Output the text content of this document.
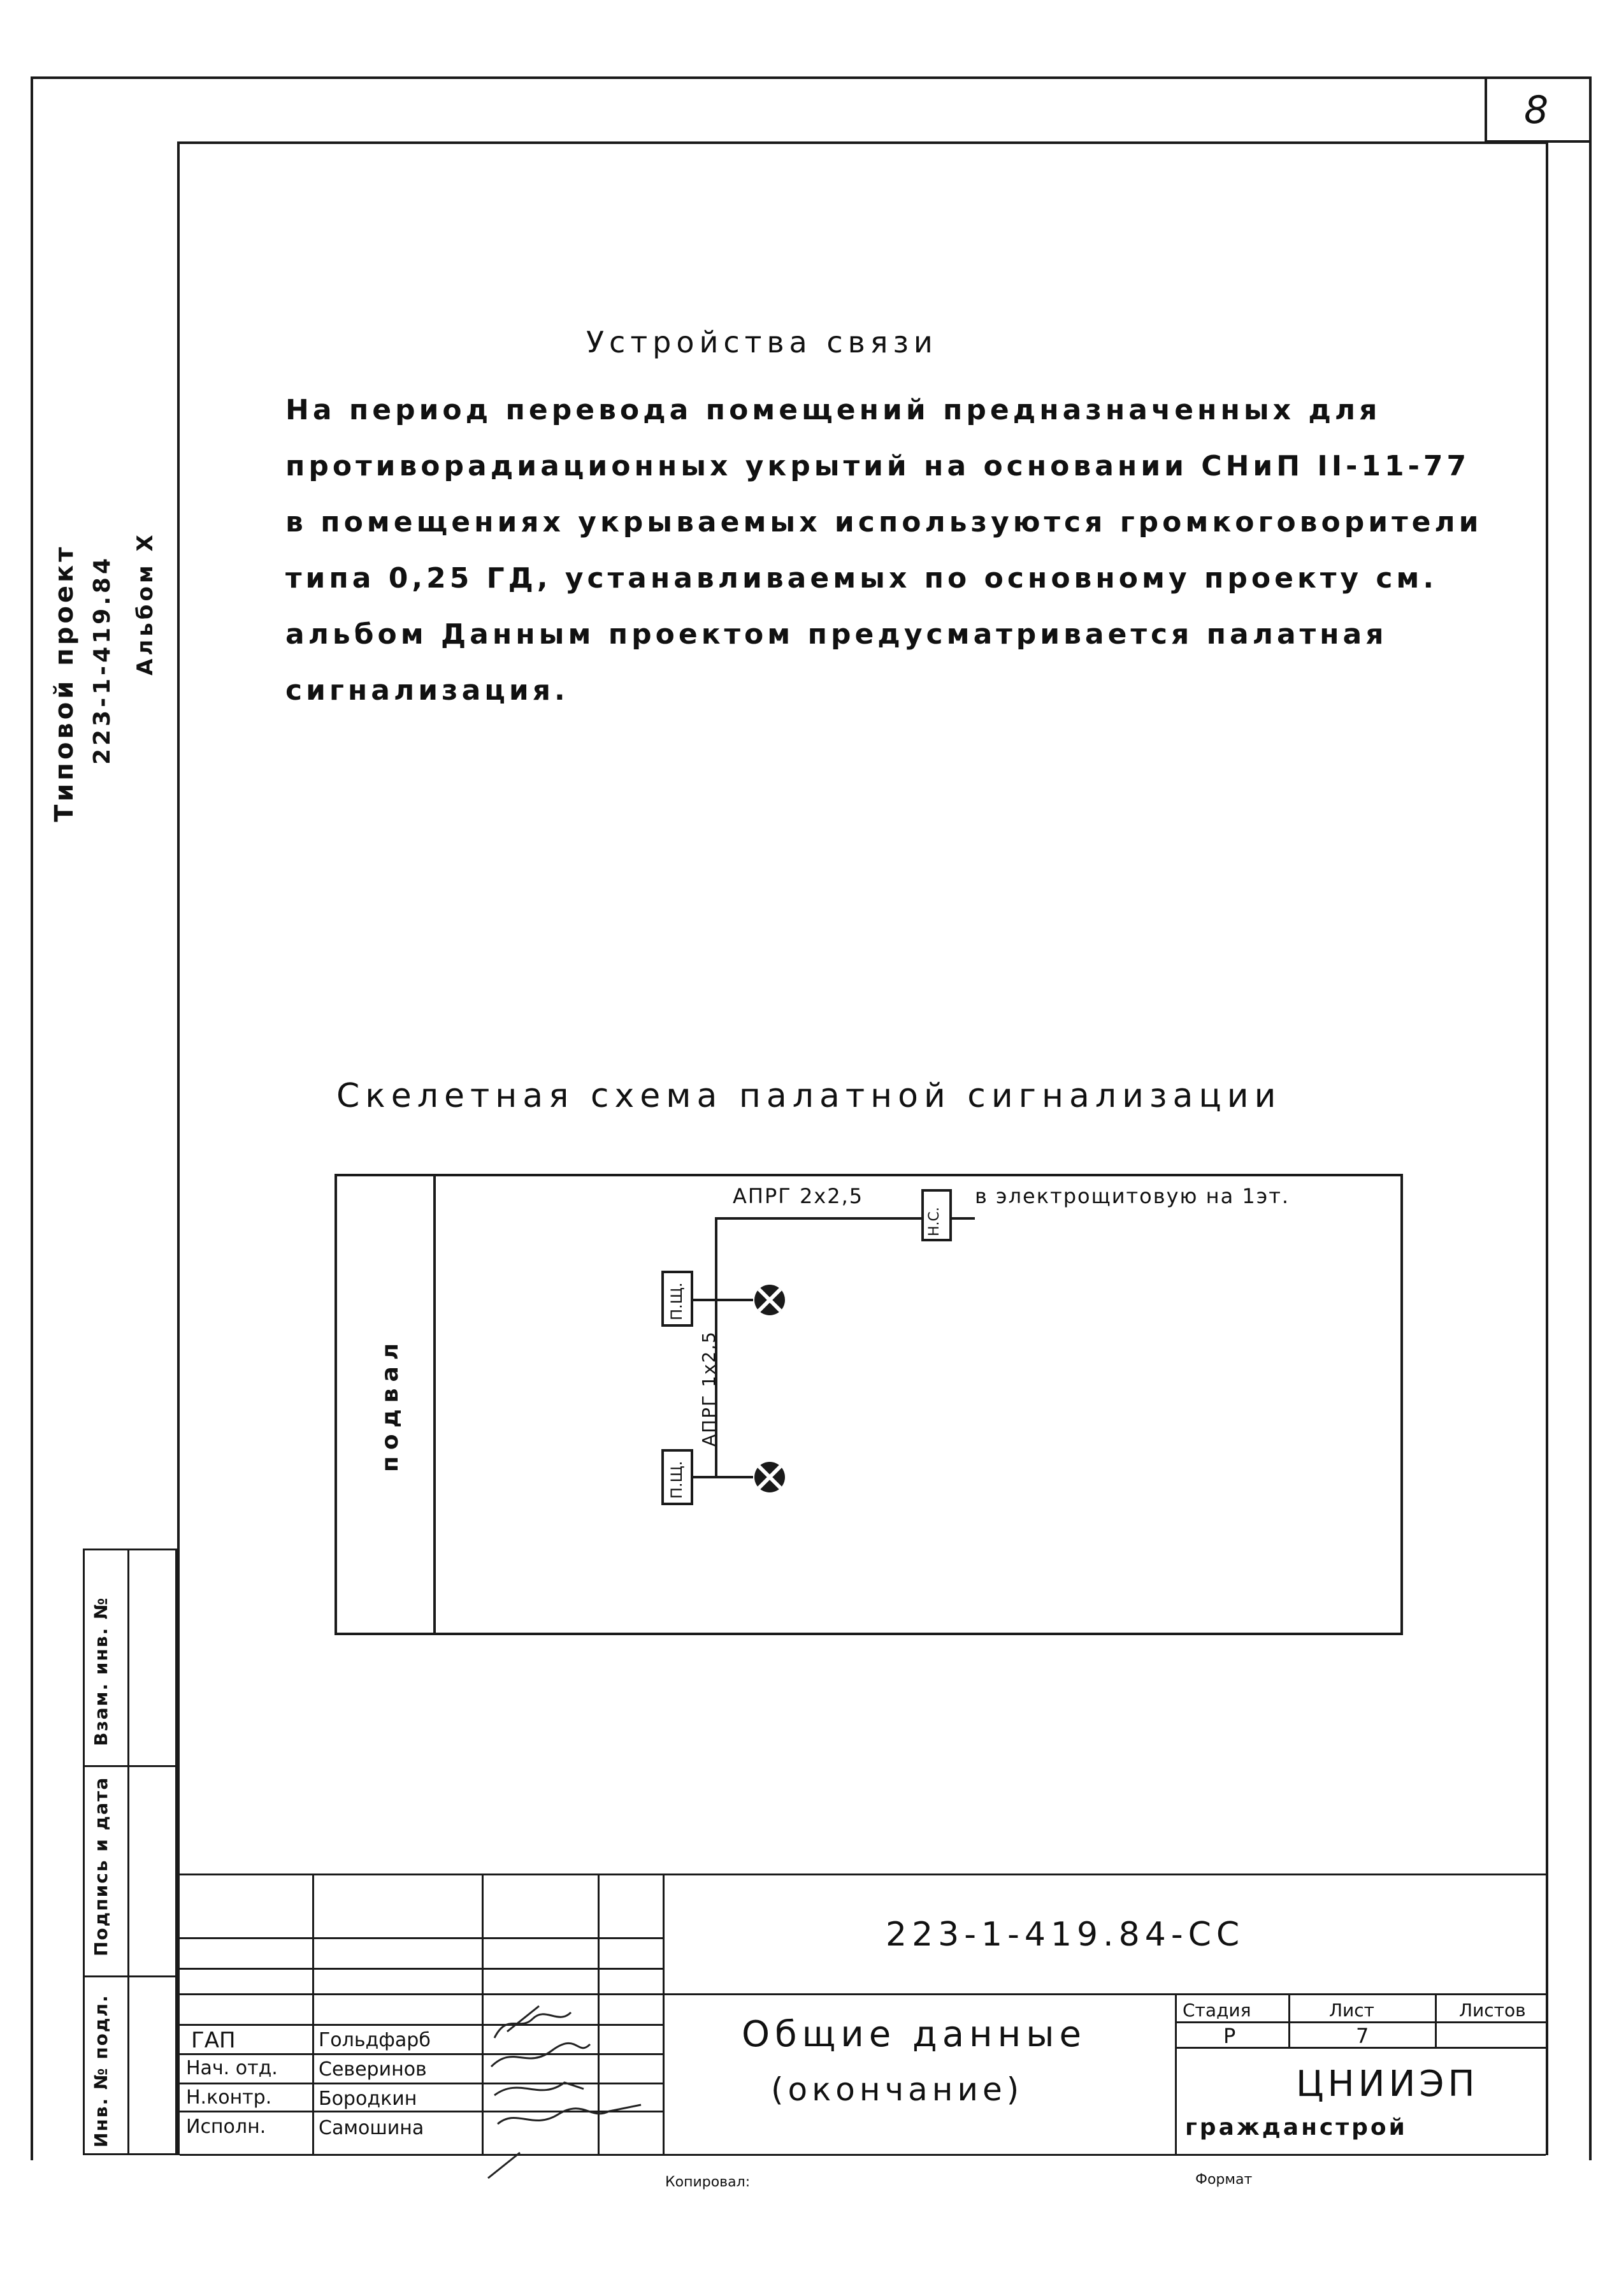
8
Типовой проект 223-1-419.84 Альбом X
Взам. инв. №
Подпись и дата
Инв. № подл.
Устройства связи
На период перевода помещений предназначенных для
противорадиационных укрытий на основании СНиП II-11-77
в помещениях укрываемых используются громкоговорители
типа 0,25 ГД, устанавливаемых по основному проекту см.
альбом Данным проектом предусматривается палатная
сигнализация.
Скелетная схема палатной сигнализации
подвал
АПРГ 2х2,5
Н.С.
в электрощитовую на 1эт.
АПРГ 1х2,5
П.Щ.
П.Щ.
223-1-419.84-СС
Общие данные
(окончание)
Стадия	Лист	Листов
Р	7
ЦНИИЭП
гражданстрой
ГАП	Гольдфарб
Нач. отд. Северинов
Н.контр. Бородкин
Исполн.	Самошина
Копировал:	Формат
